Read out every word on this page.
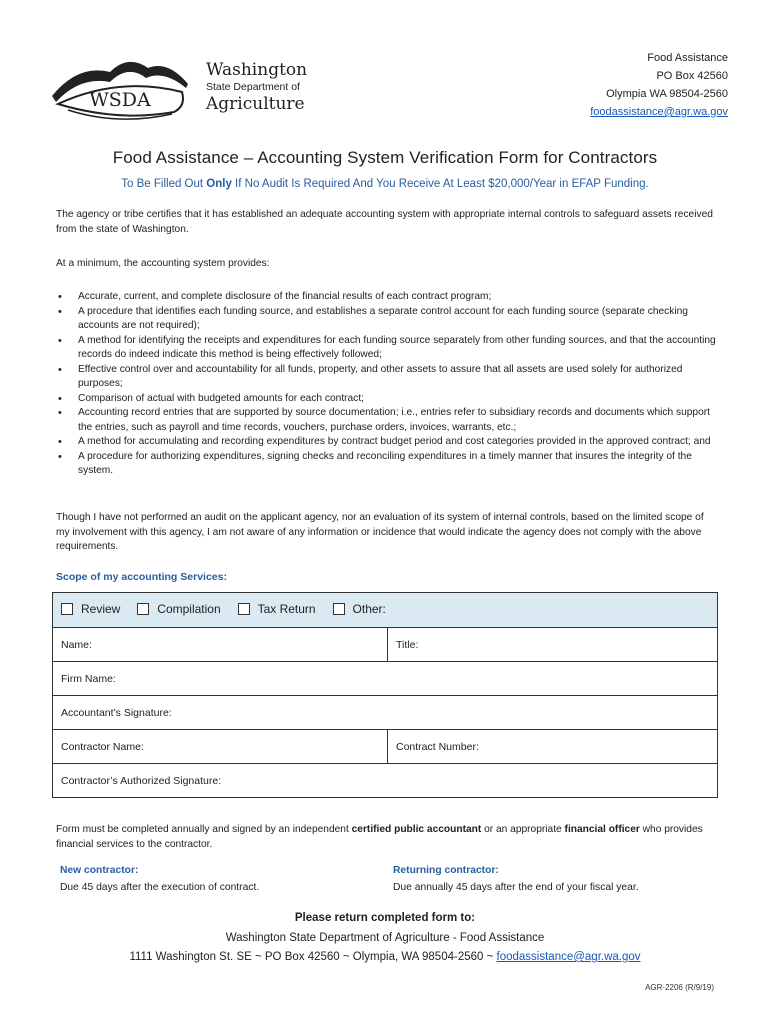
WSDA
Washington
State Department of
Agriculture
Food Assistance
PO Box 42560
Olympia WA 98504-2560
foodassistance@agr.wa.gov
Food Assistance – Accounting System Verification Form for Contractors
To Be Filled Out Only If No Audit Is Required And You Receive At Least $20,000/Year in EFAP Funding.
The agency or tribe certifies that it has established an adequate accounting system with appropriate internal controls to safeguard assets received from the state of Washington.
At a minimum, the accounting system provides:
• Accurate, current, and complete disclosure of the financial results of each contract program;
• A procedure that identifies each funding source, and establishes a separate control account for each funding source (separate checking accounts are not required);
• A method for identifying the receipts and expenditures for each funding source separately from other funding sources, and that the accounting records do indeed indicate this method is being effectively followed;
• Effective control over and accountability for all funds, property, and other assets to assure that all assets are used solely for authorized purposes;
• Comparison of actual with budgeted amounts for each contract;
• Accounting record entries that are supported by source documentation; i.e., entries refer to subsidiary records and documents which support the entries, such as payroll and time records, vouchers, purchase orders, invoices, warrants, etc.;
• A method for accumulating and recording expenditures by contract budget period and cost categories provided in the approved contract; and
• A procedure for authorizing expenditures, signing checks and reconciling expenditures in a timely manner that insures the integrity of the system.
Though I have not performed an audit on the applicant agency, nor an evaluation of its system of internal controls, based on the limited scope of my involvement with this agency, I am not aware of any information or incidence that would indicate the agency does not comply with the above requirements.
Scope of my accounting Services:
Review
Compilation
Tax Return
Other:	

Name:	Title:
Firm Name:	
Accountant’s Signature:	
Contractor Name:	Contract Number:
Contractor’s Authorized Signature:	
Form must be completed annually and signed by an independent certified public accountant or an appropriate financial officer who provides financial services to the contractor.
New contractor:
Due 45 days after the execution of contract.
Returning contractor:
Due annually 45 days after the end of your fiscal year.
Please return completed form to:
Washington State Department of Agriculture - Food Assistance
1111 Washington St. SE ~ PO Box 42560 ~ Olympia, WA 98504-2560 ~ foodassistance@agr.wa.gov
AGR-2206 (R/9/19)
